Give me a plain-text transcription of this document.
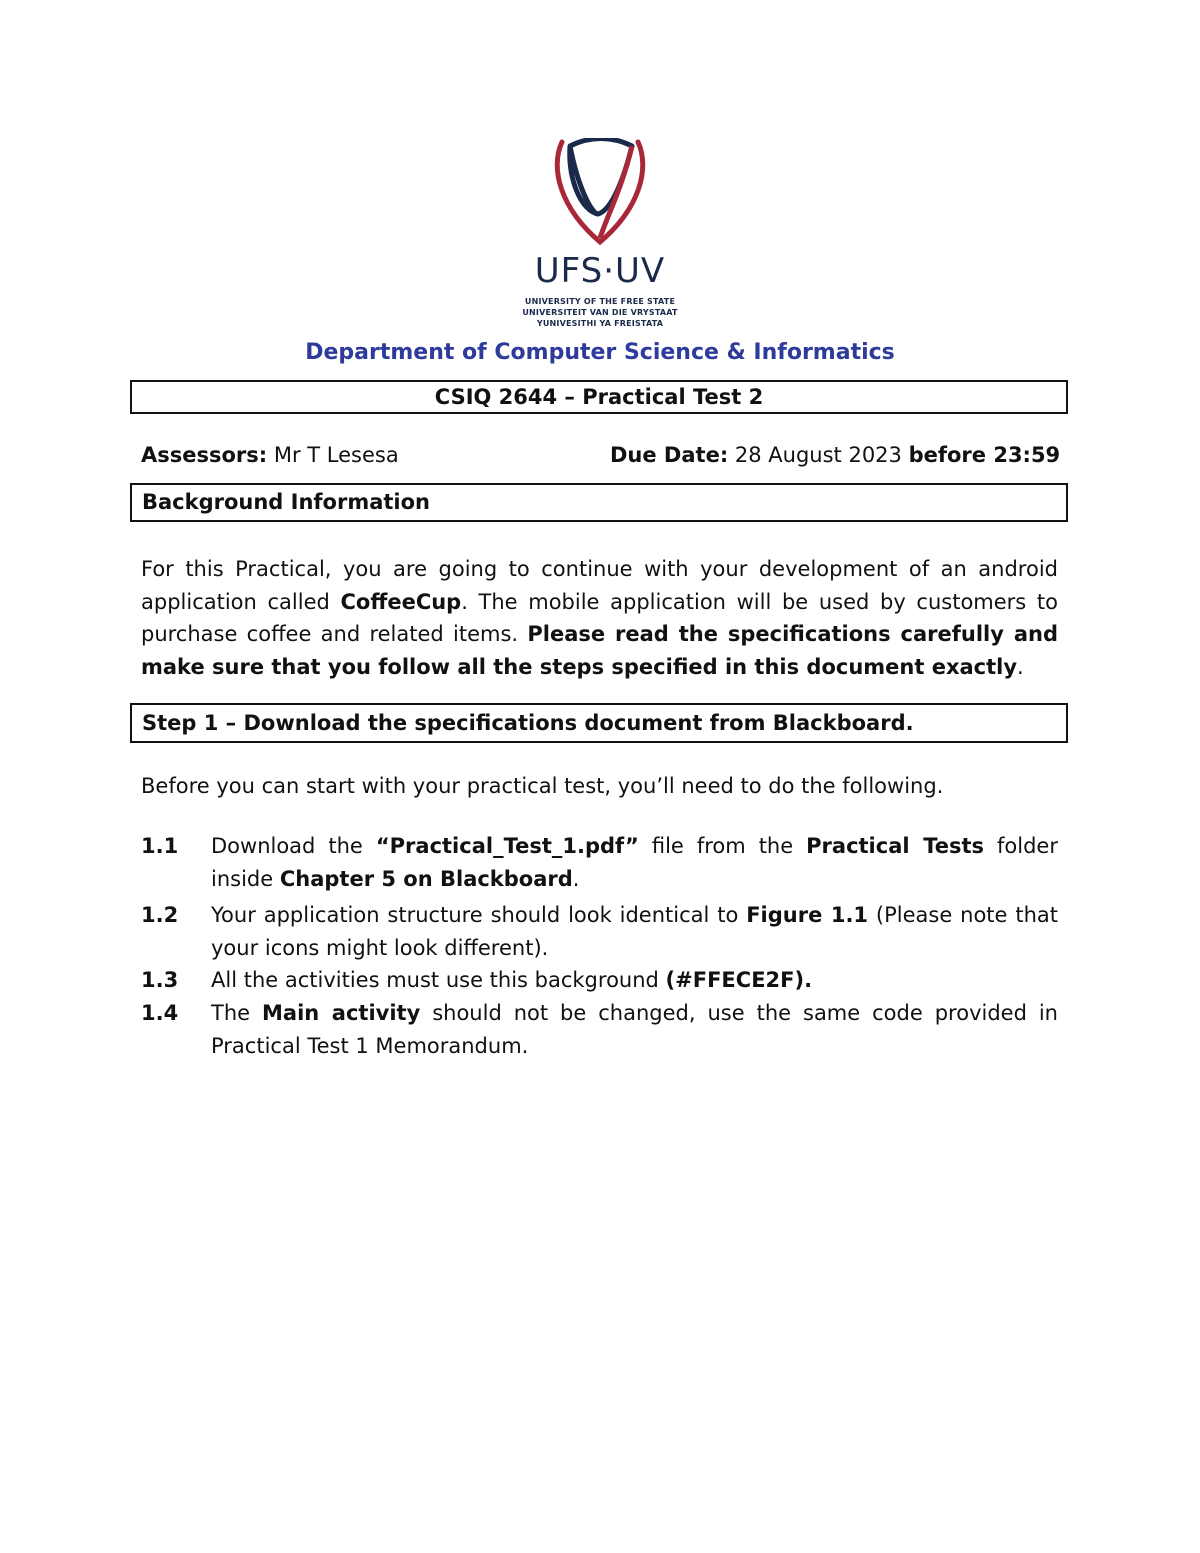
UFS·UV
UNIVERSITY OF THE FREE STATE
UNIVERSITEIT VAN DIE VRYSTAAT
YUNIVESITHI YA FREISTATA
Department of Computer Science & Informatics
CSIQ 2644 – Practical Test 2
Assessors: Mr T Lesesa	Due Date: 28 August 2023 before 23:59
Background Information
For this Practical, you are going to continue with your development of an android application called CoffeeCup. The mobile application will be used by customers to purchase coffee and related items. Please read the specifications carefully and make sure that you follow all the steps specified in this document exactly.
Step 1 – Download the specifications document from Blackboard.
Before you can start with your practical test, you’ll need to do the following.
1.1 Download the “Practical_Test_1.pdf” file from the Practical Tests folder inside Chapter 5 on Blackboard.
1.2 Your application structure should look identical to Figure 1.1 (Please note that your icons might look different).
1.3 All the activities must use this background (#FFECE2F).
1.4 The Main activity should not be changed, use the same code provided in Practical Test 1 Memorandum.
